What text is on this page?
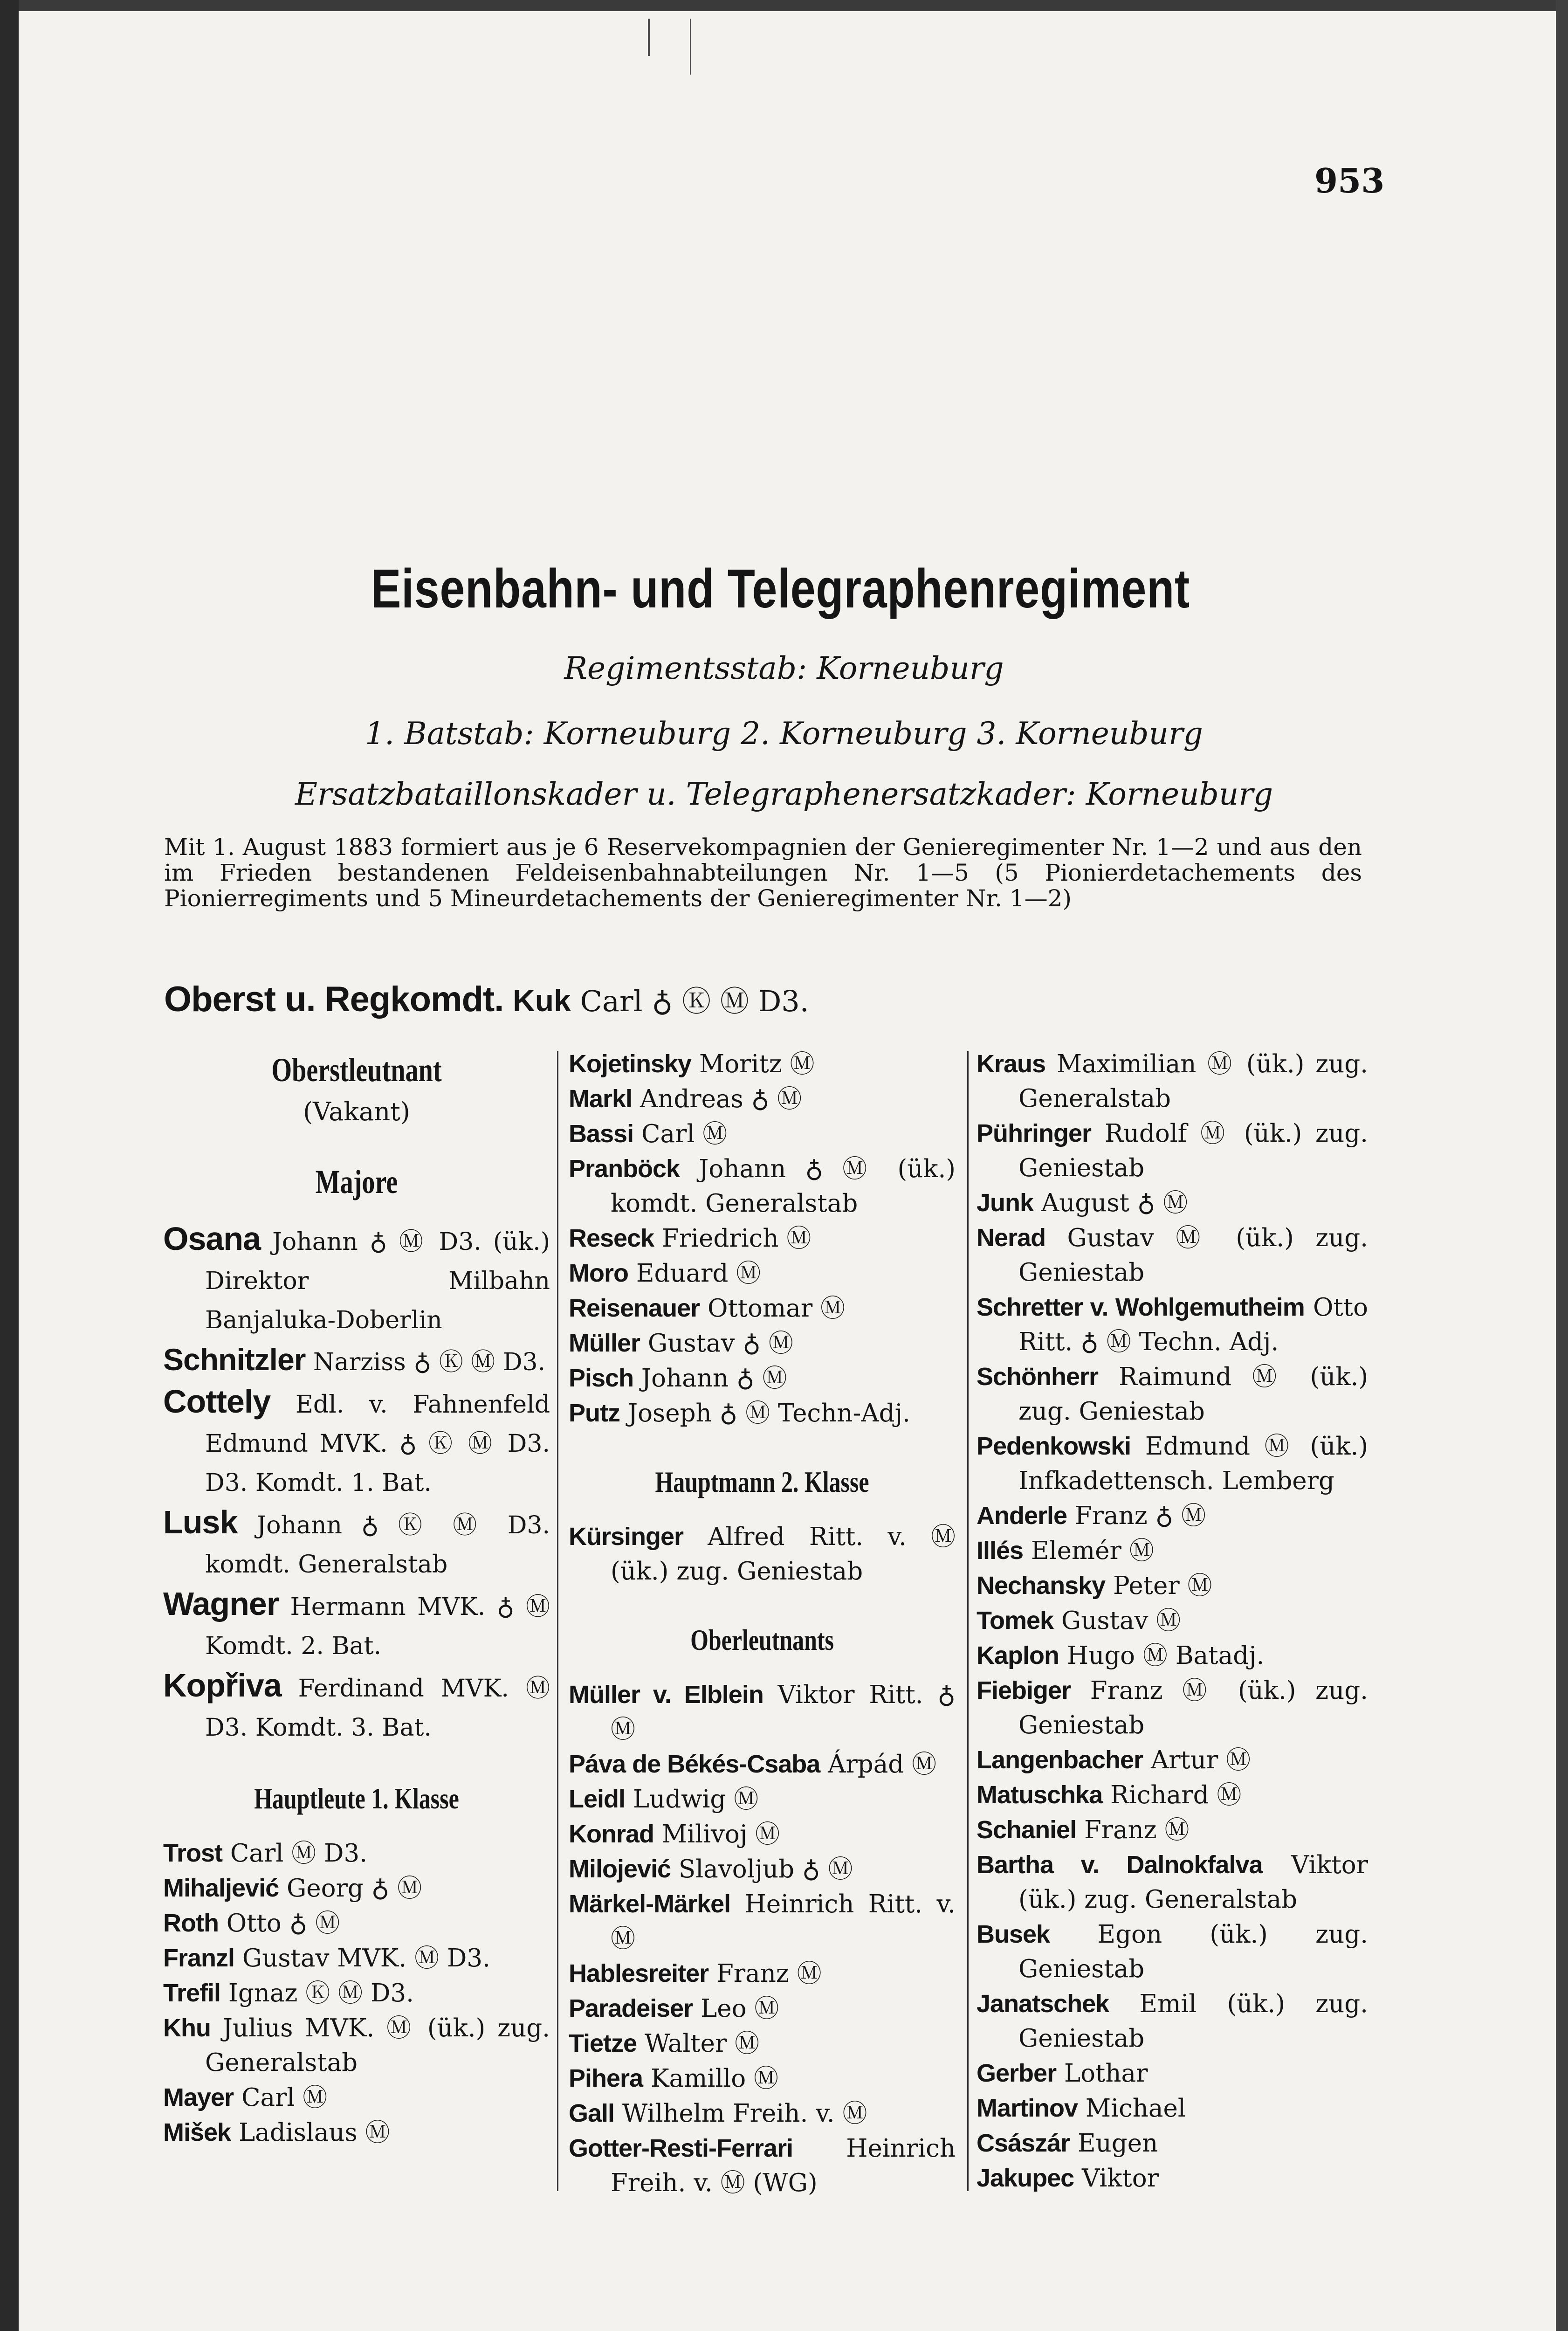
953
Eisenbahn- und Telegraphenregiment
Regimentsstab: Korneuburg
1. Batstab: Korneuburg 2. Korneuburg 3. Korneuburg
Ersatzbataillonskader u. Telegraphenersatzkader: Korneuburg
Mit 1. August 1883 formiert aus je 6 Reservekompagnien der Genieregimenter Nr. 1—2 und aus den im Frieden bestandenen Feldeisenbahnabteilungen Nr. 1—5 (5 Pionierdetachements des Pionierregiments und 5 Mineurdetachements der Genieregimenter Nr. 1—2)
Oberst u. Regkomdt. Kuk Carl ♁ Ⓚ Ⓜ D3.
Oberstleutnant
(Vakant)
Majore
Osana Johann ♁ Ⓜ D3. (ük.) Direktor Milbahn Banjaluka-Doberlin
Schnitzler Narziss ♁ Ⓚ Ⓜ D3.
Cottely Edl. v. Fahnenfeld Edmund MVK. ♁ Ⓚ Ⓜ D3. D3. Komdt. 1. Bat.
Lusk Johann ♁ Ⓚ Ⓜ D3. komdt. Generalstab
Wagner Hermann MVK. ♁ Ⓜ Komdt. 2. Bat.
Kopřiva Ferdinand MVK. Ⓜ D3. Komdt. 3. Bat.
Hauptleute 1. Klasse
Trost Carl Ⓜ D3.
Mihaljević Georg ♁ Ⓜ
Roth Otto ♁ Ⓜ
Franzl Gustav MVK. Ⓜ D3.
Trefil Ignaz Ⓚ Ⓜ D3.
Khu Julius MVK. Ⓜ (ük.) zug. Generalstab
Mayer Carl Ⓜ
Mišek Ladislaus Ⓜ
Kojetinsky Moritz Ⓜ
Markl Andreas ♁ Ⓜ
Bassi Carl Ⓜ
Pranböck Johann ♁ Ⓜ (ük.) komdt. Generalstab
Reseck Friedrich Ⓜ
Moro Eduard Ⓜ
Reisenauer Ottomar Ⓜ
Müller Gustav ♁ Ⓜ
Pisch Johann ♁ Ⓜ
Putz Joseph ♁ Ⓜ Techn-Adj.
Hauptmann 2. Klasse
Kürsinger Alfred Ritt. v. Ⓜ (ük.) zug. Geniestab
Oberleutnants
Müller v. Elblein Viktor Ritt. ♁ Ⓜ
Páva de Békés-Csaba Árpád Ⓜ
Leidl Ludwig Ⓜ
Konrad Milivoj Ⓜ
Milojević Slavoljub ♁ Ⓜ
Märkel-Märkel Heinrich Ritt. v. Ⓜ
Hablesreiter Franz Ⓜ
Paradeiser Leo Ⓜ
Tietze Walter Ⓜ
Pihera Kamillo Ⓜ
Gall Wilhelm Freih. v. Ⓜ
Gotter-Resti-Ferrari Heinrich Freih. v. Ⓜ (WG)
Kraus Maximilian Ⓜ (ük.) zug. Generalstab
Pühringer Rudolf Ⓜ (ük.) zug. Geniestab
Junk August ♁ Ⓜ
Nerad Gustav Ⓜ (ük.) zug. Geniestab
Schretter v. Wohlgemutheim Otto Ritt. ♁ Ⓜ Techn. Adj.
Schönherr Raimund Ⓜ (ük.) zug. Geniestab
Pedenkowski Edmund Ⓜ (ük.) Infkadettensch. Lemberg
Anderle Franz ♁ Ⓜ
Illés Elemér Ⓜ
Nechansky Peter Ⓜ
Tomek Gustav Ⓜ
Kaplon Hugo Ⓜ Batadj.
Fiebiger Franz Ⓜ (ük.) zug. Geniestab
Langenbacher Artur Ⓜ
Matuschka Richard Ⓜ
Schaniel Franz Ⓜ
Bartha v. Dalnokfalva Viktor (ük.) zug. Generalstab
Busek Egon (ük.) zug. Geniestab
Janatschek Emil (ük.) zug. Geniestab
Gerber Lothar
Martinov Michael
Császár Eugen
Jakupec Viktor
